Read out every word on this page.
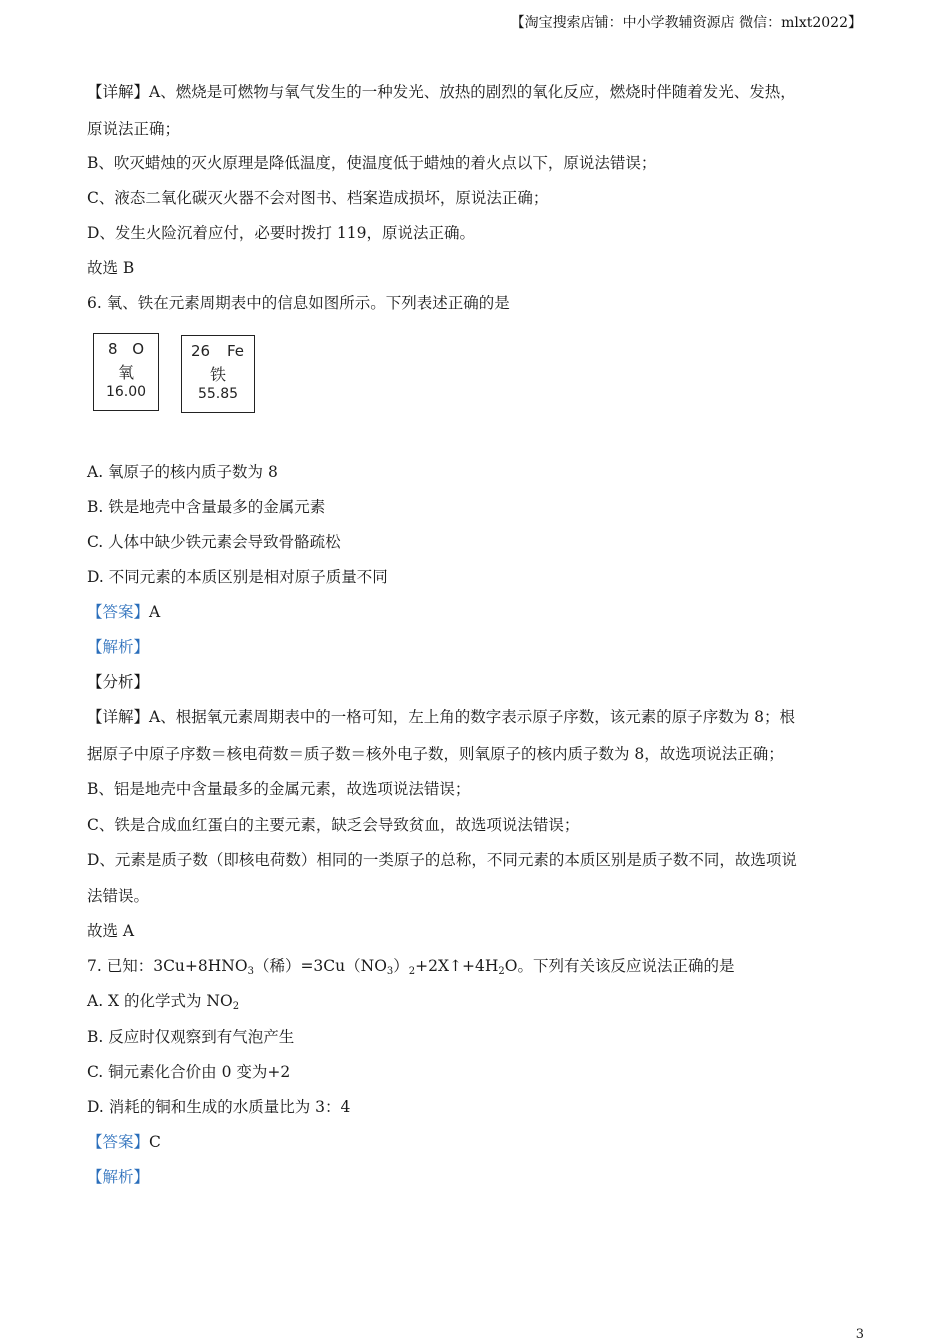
【淘宝搜索店铺：中小学教辅资源店 微信：mlxt2022】
【详解】A、燃烧是可燃物与氧气发生的一种发光、放热的剧烈的氧化反应，燃烧时伴随着发光、发热，
原说法正确；
B、吹灭蜡烛的灭火原理是降低温度，使温度低于蜡烛的着火点以下，原说法错误；
C、液态二氧化碳灭火器不会对图书、档案造成损坏，原说法正确；
D、发生火险沉着应付，必要时拨打 119，原说法正确。
故选 B
6. 氧、铁在元素周期表中的信息如图所示。下列表述正确的是
8 O
氧
16.00
26 Fe
铁
55.85
A. 氧原子的核内质子数为 8
B. 铁是地壳中含量最多的金属元素
C. 人体中缺少铁元素会导致骨骼疏松
D. 不同元素的本质区别是相对原子质量不同
【答案】A
【解析】
【分析】
【详解】A、根据氧元素周期表中的一格可知，左上角的数字表示原子序数，该元素的原子序数为 8；根
据原子中原子序数＝核电荷数＝质子数＝核外电子数，则氧原子的核内质子数为 8，故选项说法正确；
B、铝是地壳中含量最多的金属元素，故选项说法错误；
C、铁是合成血红蛋白的主要元素，缺乏会导致贫血，故选项说法错误；
D、元素是质子数（即核电荷数）相同的一类原子的总称，不同元素的本质区别是质子数不同，故选项说
法错误。
故选 A
7. 已知：$3Cu+8HNO_3$（稀）$=3Cu(NO_3)_2+2X↑+4H_2O$。下列有关该反应说法正确的是
A. X 的化学式为 $NO_2$
B. 反应时仅观察到有气泡产生
C. 铜元素化合价由 0 变为+2
D. 消耗的铜和生成的水质量比为 3：4
【答案】C
【解析】
3
